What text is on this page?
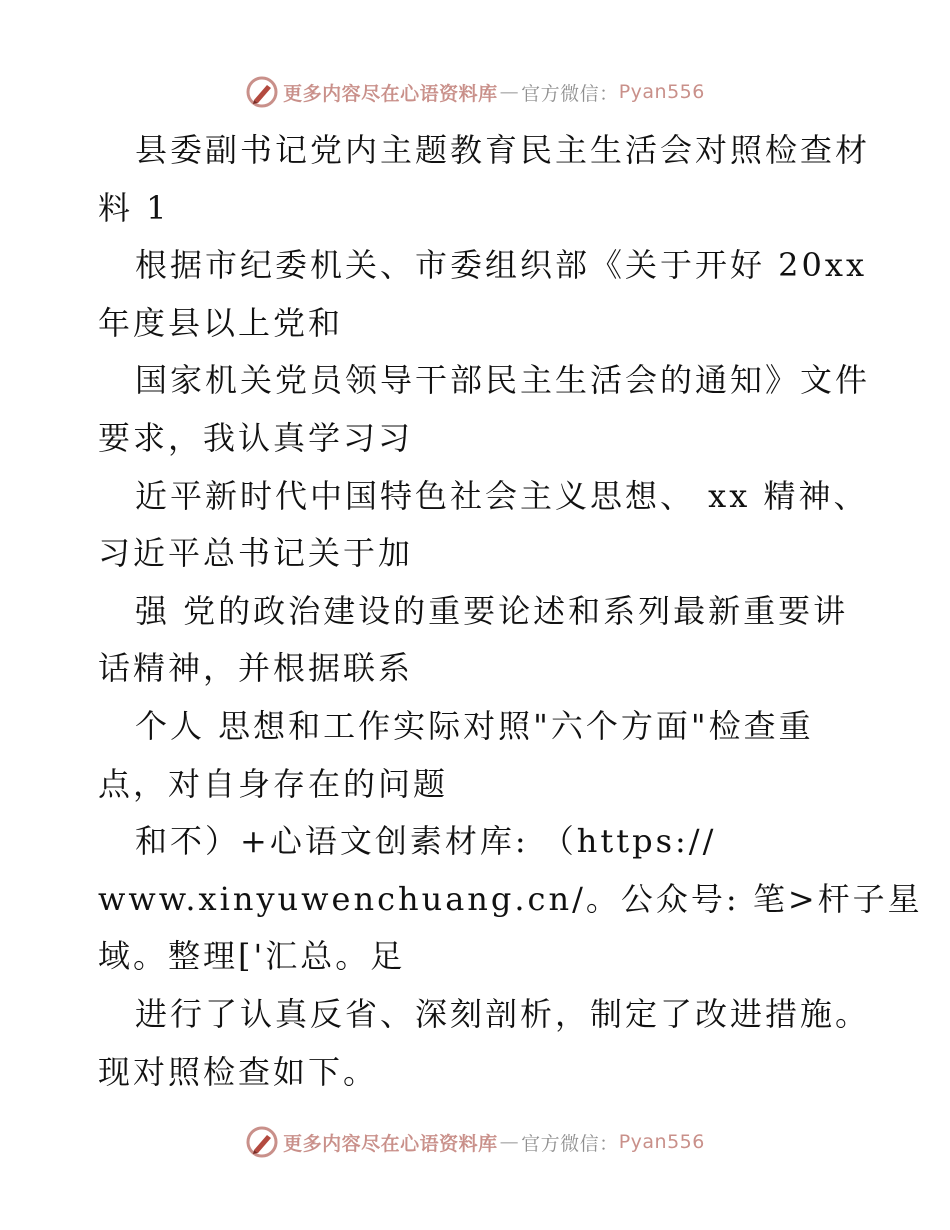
更多内容尽在心语资料库 — 官方微信： Pyan556
县委副书记党内主题教育民主生活会对照检查材
料 1
根据市纪委机关、市委组织部《关于开好 20xx
年度县以上党和
国家机关党员领导干部民主生活会的通知》文件
要求，我认真学习习
近平新时代中国特色社会主义思想、 xx 精神、
习近平总书记关于加
强 党的政治建设的重要论述和系列最新重要讲
话精神，并根据联系
个人 思想和工作实际对照"六个方面"检查重
点，对自身存在的问题
和不）+心语文创素材库: （https://
www.xinyuwenchuang.cn/。公众号: 笔>杆子星
域。整理['汇总。足
进行了认真反省、深刻剖析，制定了改进措施。
现对照检查如下。
更多内容尽在心语资料库 — 官方微信： Pyan556
